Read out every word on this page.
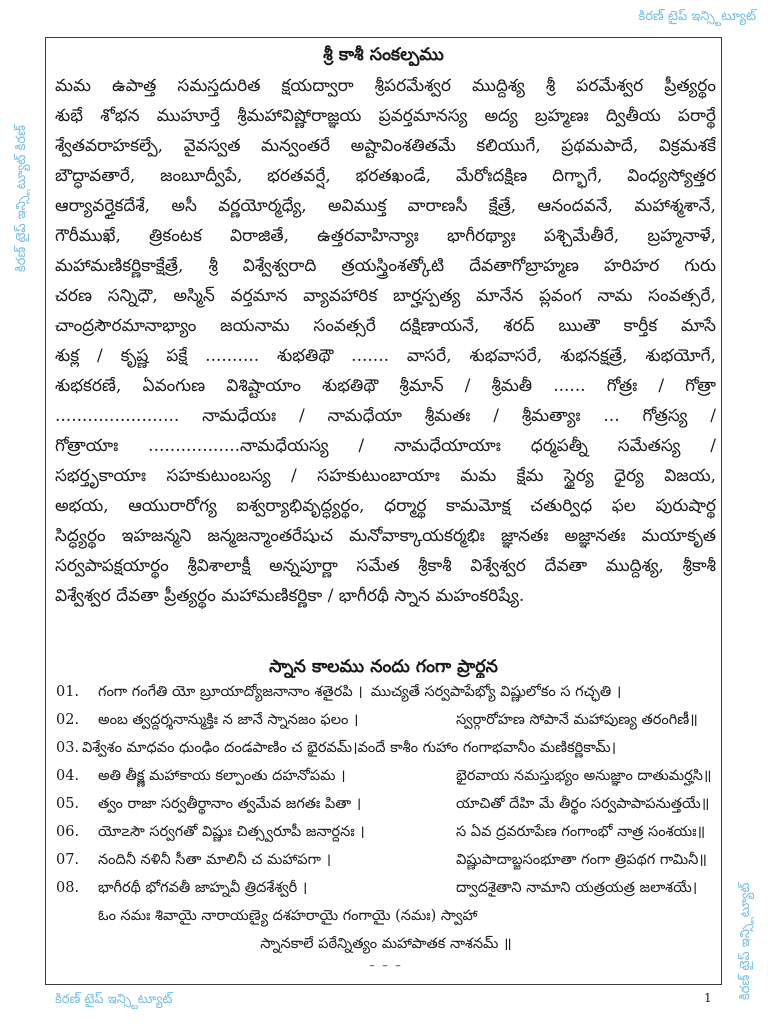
కిరణ్ టైప్ ఇన్స్టిట్యూట్
కిరణ్ టైప్ ఇన్స్టిట్యూట్ కిరణ్
కిరణ్ టైప్ ఇన్స్టిట్యూట్
కిరణ్ టైప్ ఇన్స్టిట్యూట్
శ్రీ కాశీ సంకల్పము
మమ ఉపాత్త సమస్తదురిత క్షయద్వారా శ్రీపరమేశ్వర ముద్దిశ్య శ్రీ పరమేశ్వర ప్రీత్యర్థం
శుభే శోభన ముహూర్తే శ్రీమహావిష్ణోరాజ్ఞయ ప్రవర్తమానస్య అద్య బ్రహ్మణః ద్వితీయ పరార్థే
శ్వేతవరాహకల్పే, వైవస్వత మన్వంతరే అష్టావింశతితమే కలియుగే, ప్రథమపాదే, విక్రమశకే
బౌద్ధావతారే, జంబూద్వీపే, భరతవర్షే, భరతఖండే, మేరోఃదక్షిణ దిగ్భాగే, వింధ్యస్యోత్తర
ఆర్యావర్తైకదేశే, అసీ వర్ణయోర్మధ్యే, అవిముక్త వారాణసీ క్షేత్రే, ఆనందవనే, మహాశ్మశానే,
గౌరీముఖే, త్రికంటక విరాజితే, ఉత్తరవాహిన్యాః భాగీరథ్యాః పశ్చిమేతీరే, బ్రహ్మనాళే,
మహామణికర్ణికాక్షేత్రే, శ్రీ విశ్వేశ్వరాది త్రయస్త్రింశత్కోటి దేవతాగోబ్రాహ్మణ హరిహర గురు
చరణ సన్నిధౌ, అస్మిన్ వర్తమాన వ్యావహారిక బార్హస్పత్య మానేన ప్లవంగ నామ సంవత్సరే,
చాంద్రసౌరమానాభ్యాం జయనామ సంవత్సరే దక్షిణాయనే, శరద్ ఋతౌ కార్తీక మాసే
శుక్ల / కృష్ణ పక్షే .......... శుభతిథౌ ....... వాసరే, శుభవాసరే, శుభనక్షత్రే, శుభయోగే,
శుభకరణే, ఏవంగుణ విశిష్టాయాం శుభతిథౌ శ్రీమాన్ / శ్రీమతీ ...... గోత్రః / గోత్రా
....................... నామధేయః / నామధేయా శ్రీమతః / శ్రీమత్యాః ... గోత్రస్య /
గోత్రాయాః .................నామధేయస్య / నామధేయాయాః ధర్మపత్నీ సమేతస్య /
సభర్తృకాయాః సహకుటుంబస్య / సహకుటుంబాయాః మమ క్షేమ స్థైర్య ధైర్య విజయ,
అభయ, ఆయురారోగ్య ఐశ్వర్యాభివృద్ధ్యర్థం, ధర్మార్థ కామమోక్ష చతుర్విధ ఫల పురుషార్థ
సిద్ధ్యర్థం ఇహజన్మని జన్మజన్మాంతరేషుచ మనోవాక్కాయకర్మభిః జ్ఞానతః అజ్ఞానతః మయాకృత
సర్వపాపక్షయార్థం శ్రీవిశాలాక్షీ అన్నపూర్ణా సమేత శ్రీకాశీ విశ్వేశ్వర దేవతా ముద్దిశ్య, శ్రీకాశీ
విశ్వేశ్వర దేవతా ప్రీత్యర్థం మహామణికర్ణికా / భాగీరథీ స్నాన మహంకరిష్యే.
స్నాన కాలము నందు గంగా ప్రార్థన
01.	గంగా గంగేతి యో బ్రూయాద్యోజనానాం శతైరపి । ముచ్యతే సర్వపాపేభ్యో విష్ణులోకం స గచ్ఛతి ।
02.	అంబ త్వద్దర్శనాన్ముక్తిః న జానే స్నానజం ఫలం ।	స్వర్గారోహణ సోపానే మహాపుణ్య తరంగిణీ॥
03. విశ్వేశం మాధవం ధుంఢిం దండపాణిం చ భైరవమ్।వందే కాశీం గుహాం గంగాభవానీం మణికర్ణికామ్।
04.	అతి తీక్ష్ణ మహాకాయ కల్పాంతు దహనోపమ ।	భైరవాయ నమస్తుభ్యం అనుజ్ఞాం దాతుమర్హసి॥
05.	త్వం రాజా సర్వతీర్థానాం త్వమేవ జగతః పితా ।	యాచితో దేహి మే తీర్థం సర్వపాపాపనుత్తయే॥
06.	యో౽సౌ సర్వగతో విష్ణుః చిత్స్వరూపీ జనార్దనః ।	స ఏవ ద్రవరూపేణ గంగాంభో నాత్ర సంశయః॥
07.	నందినీ నళినీ సీతా మాలినీ చ మహాపగా ।	విష్ణుపాదాబ్జసంభూతా గంగా త్రిపథగ గామినీ॥
08.	భాగీరథీ భోగవతీ జాహ్నవీ త్రిదశేశ్వరీ ।	ద్వాదశైతాని నామాని యత్రయత్ర జలాశయే।
ఓం నమః శివాయై నారాయణ్యై దశహరాయై గంగాయై (నమః) స్వాహా
స్నానకాలే పఠేన్నిత్యం మహాపాతక నాశనమ్ ॥
– – –
1
